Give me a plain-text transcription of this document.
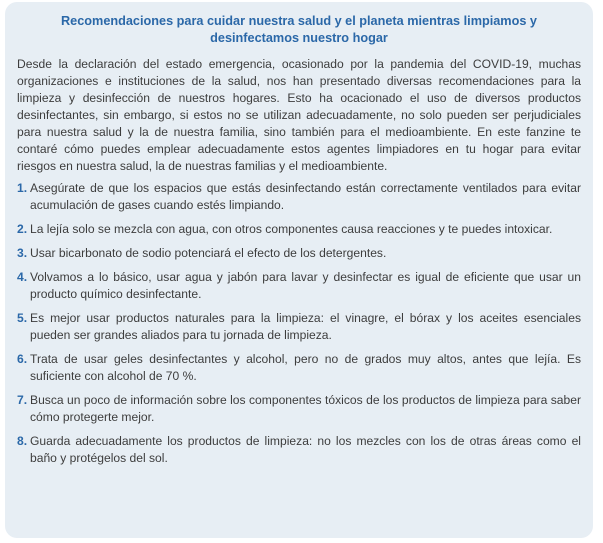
Recomendaciones para cuidar nuestra salud y el planeta mientras limpiamos y desinfectamos nuestro hogar

Desde la declaración del estado emergencia, ocasionado por la pandemia del COVID-19, muchas organizaciones e instituciones de la salud, nos han presentado diversas recomendaciones para la limpieza y desinfección de nuestros hogares. Esto ha ocacionado el uso de diversos productos desinfectantes, sin embargo, si estos no se utilizan adecuadamente, no solo pueden ser perjudiciales para nuestra salud y la de nuestra familia, sino también para el medioambiente. En este fanzine te contaré cómo puedes emplear adecuadamente estos agentes limpiadores en tu hogar para evitar riesgos en nuestra salud, la de nuestras familias y el medioambiente.

1. Asegúrate de que los espacios que estás desinfectando están correctamente ventilados para evitar acumulación de gases cuando estés limpiando.
2. La lejía solo se mezcla con agua, con otros componentes causa reacciones y te puedes intoxicar.
3. Usar bicarbonato de sodio potenciará el efecto de los detergentes.
4. Volvamos a lo básico, usar agua y jabón para lavar y desinfectar es igual de eficiente que usar un producto químico desinfectante.
5. Es mejor usar productos naturales para la limpieza: el vinagre, el bórax y los aceites esenciales pueden ser grandes aliados para tu jornada de limpieza.
6. Trata de usar geles desinfectantes y alcohol, pero no de grados muy altos, antes que lejía. Es suficiente con alcohol de 70 %.
7. Busca un poco de información sobre los componentes tóxicos de los productos de limpieza para saber cómo protegerte mejor.
8. Guarda adecuadamente los productos de limpieza: no los mezcles con los de otras áreas como el baño y protégelos del sol.
